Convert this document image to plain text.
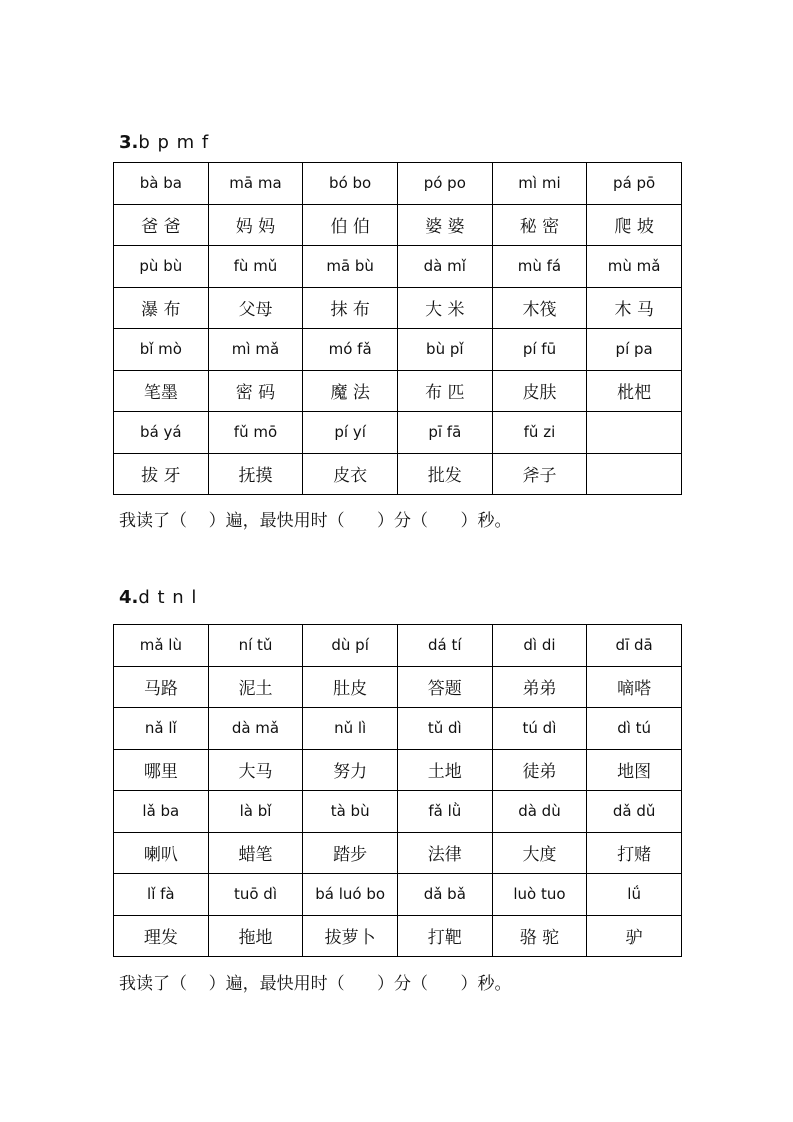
3.b p m f
bà ba	mā ma	bó bo	pó po	mì mi	pá pō
爸 爸	妈 妈	伯 伯	婆 婆	秘 密	爬 坡
pù bù	fù mǔ	mā bù	dà mǐ	mù fá	mù mǎ
瀑 布	父母	抹 布	大 米	木筏	木 马
bǐ mò	mì mǎ	mó fǎ	bù pǐ	pí fū	pí pa
笔墨	密 码	魔 法	布 匹	皮肤	枇杷
bá yá	fǔ mō	pí yí	pī fā	fǔ zi	
拔 牙	抚摸	皮衣	批发	斧子	

我读了（    ）遍，最快用时（      ）分（      ）秒。

4.d t n l
mǎ lù	ní tǔ	dù pí	dá tí	dì di	dī dā
马路	泥土	肚皮	答题	弟弟	嘀嗒
nǎ lǐ	dà mǎ	nǔ lì	tǔ dì	tú dì	dì tú
哪里	大马	努力	土地	徒弟	地图
lǎ ba	là bǐ	tà bù	fǎ lǜ	dà dù	dǎ dǔ
喇叭	蜡笔	踏步	法律	大度	打赌
lǐ fà	tuō dì	bá luó bo	dǎ bǎ	luò tuo	lǘ
理发	拖地	拔萝卜	打靶	骆 驼	驴

我读了（    ）遍，最快用时（      ）分（      ）秒。
